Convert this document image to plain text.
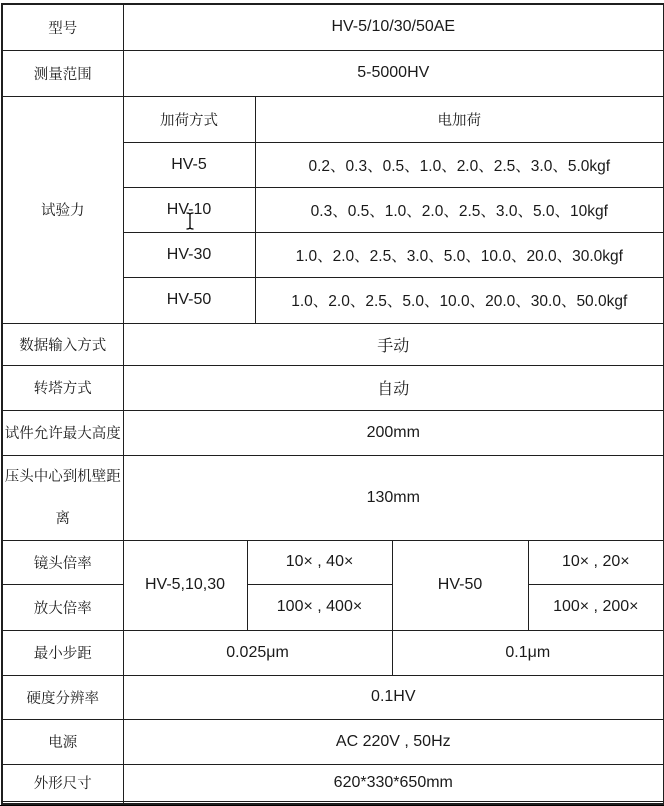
型号	HV-5/10/30/50AE				
测量范围	5-5000HV				
试验力	加荷方式		电加荷		
	HV-5		0.2、0.3、0.5、1.0、2.0、2.5、3.0、5.0kgf		
	HV-10		0.3、0.5、1.0、2.0、2.5、3.0、5.0、10kgf		
	HV-30		1.0、2.0、2.5、3.0、5.0、10.0、20.0、30.0kgf		
	HV-50		1.0、2.0、2.5、5.0、10.0、20.0、30.0、50.0kgf		
数据输入方式	手动				
转塔方式	自动				
试件允许最大高度	200mm				
压头中心到机壁距离	130mm				
镜头倍率	HV-5,10,30	10× , 40×		HV-50	10× , 20×
放大倍率		100× , 400×			100× , 200×
最小步距	0.025μm			0.1μm	
硬度分辨率	0.1HV				
电源	AC 220V , 50Hz				
外形尺寸	620*330*650mm				
